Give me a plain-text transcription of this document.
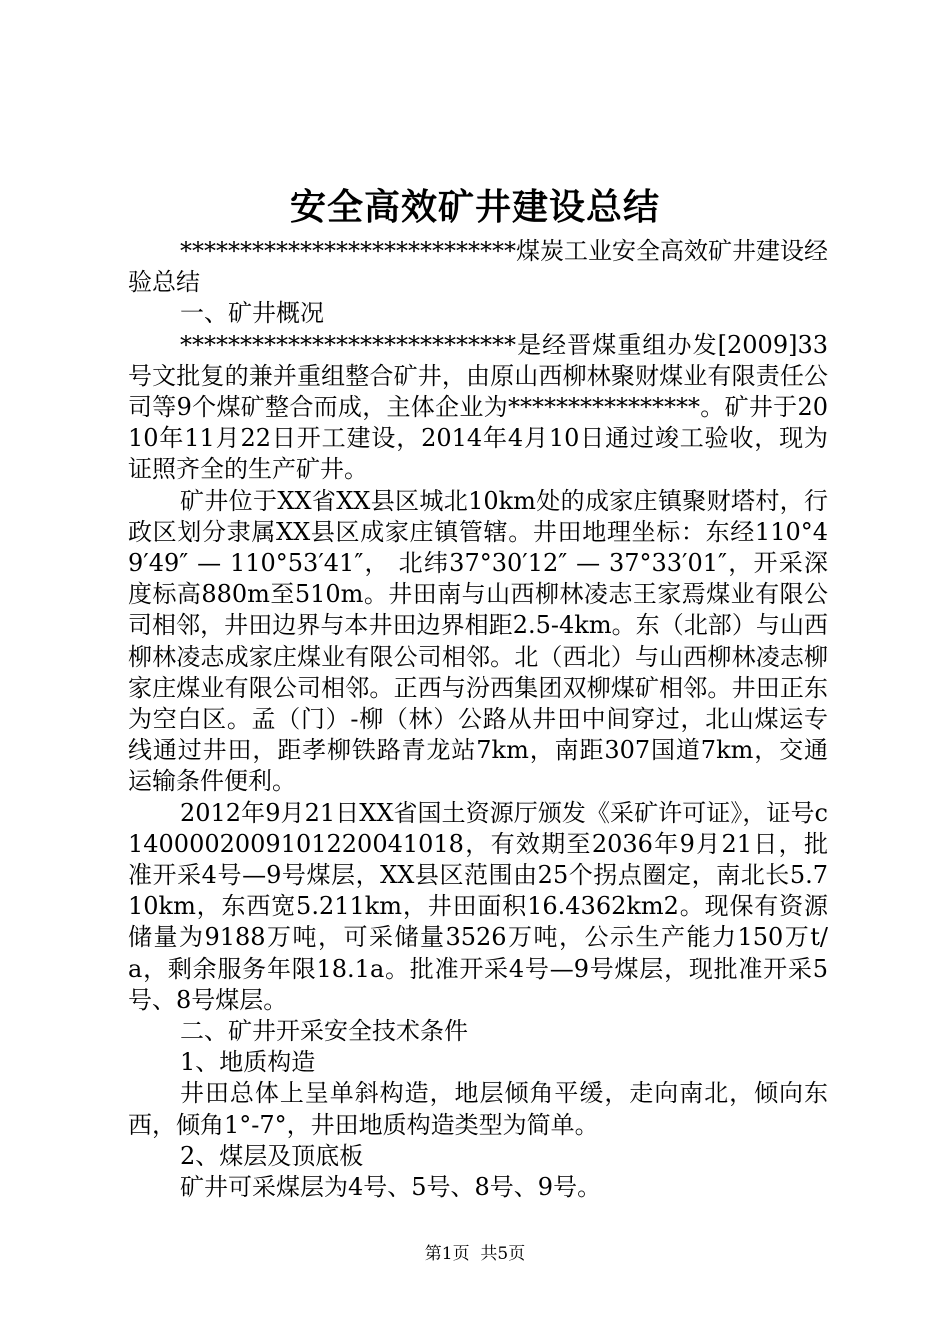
安全高效矿井建设总结

****************************煤炭工业安全高效矿井建设经验总结

一、矿井概况

****************************是经晋煤重组办发[2009]33号文批复的兼并重组整合矿井，由原山西柳林聚财煤业有限责任公司等9个煤矿整合而成，主体企业为****************。矿井于2010年11月22日开工建设，2014年4月10日通过竣工验收，现为证照齐全的生产矿井。

矿井位于XX省XX县区城北10km处的成家庄镇聚财塔村，行政区划分隶属XX县区成家庄镇管辖。井田地理坐标：东经110°49′49″ — 110°53′41″， 北纬37°30′12″ — 37°33′01″，开采深度标高880m至510m。井田南与山西柳林凌志王家焉煤业有限公司相邻，井田边界与本井田边界相距2.5-4km。东（北部）与山西柳林凌志成家庄煤业有限公司相邻。北（西北）与山西柳林凌志柳家庄煤业有限公司相邻。正西与汾西集团双柳煤矿相邻。井田正东为空白区。孟（门）-柳（林）公路从井田中间穿过，北山煤运专线通过井田，距孝柳铁路青龙站7km，南距307国道7km，交通运输条件便利。

2012年9月21日XX省国土资源厅颁发《采矿许可证》，证号c1400002009101220041018，有效期至2036年9月21日，批准开采4号—9号煤层，XX县区范围由25个拐点圈定，南北长5.710km，东西宽5.211km，井田面积16.4362km2。现保有资源储量为9188万吨，可采储量3526万吨，公示生产能力150万t/a，剩余服务年限18.1a。批准开采4号—9号煤层，现批准开采5号、8号煤层。

二、矿井开采安全技术条件

1、地质构造

井田总体上呈单斜构造，地层倾角平缓，走向南北，倾向东西，倾角1°-7°，井田地质构造类型为简单。

2、煤层及顶底板

矿井可采煤层为4号、5号、8号、9号。

第1页  共5页
